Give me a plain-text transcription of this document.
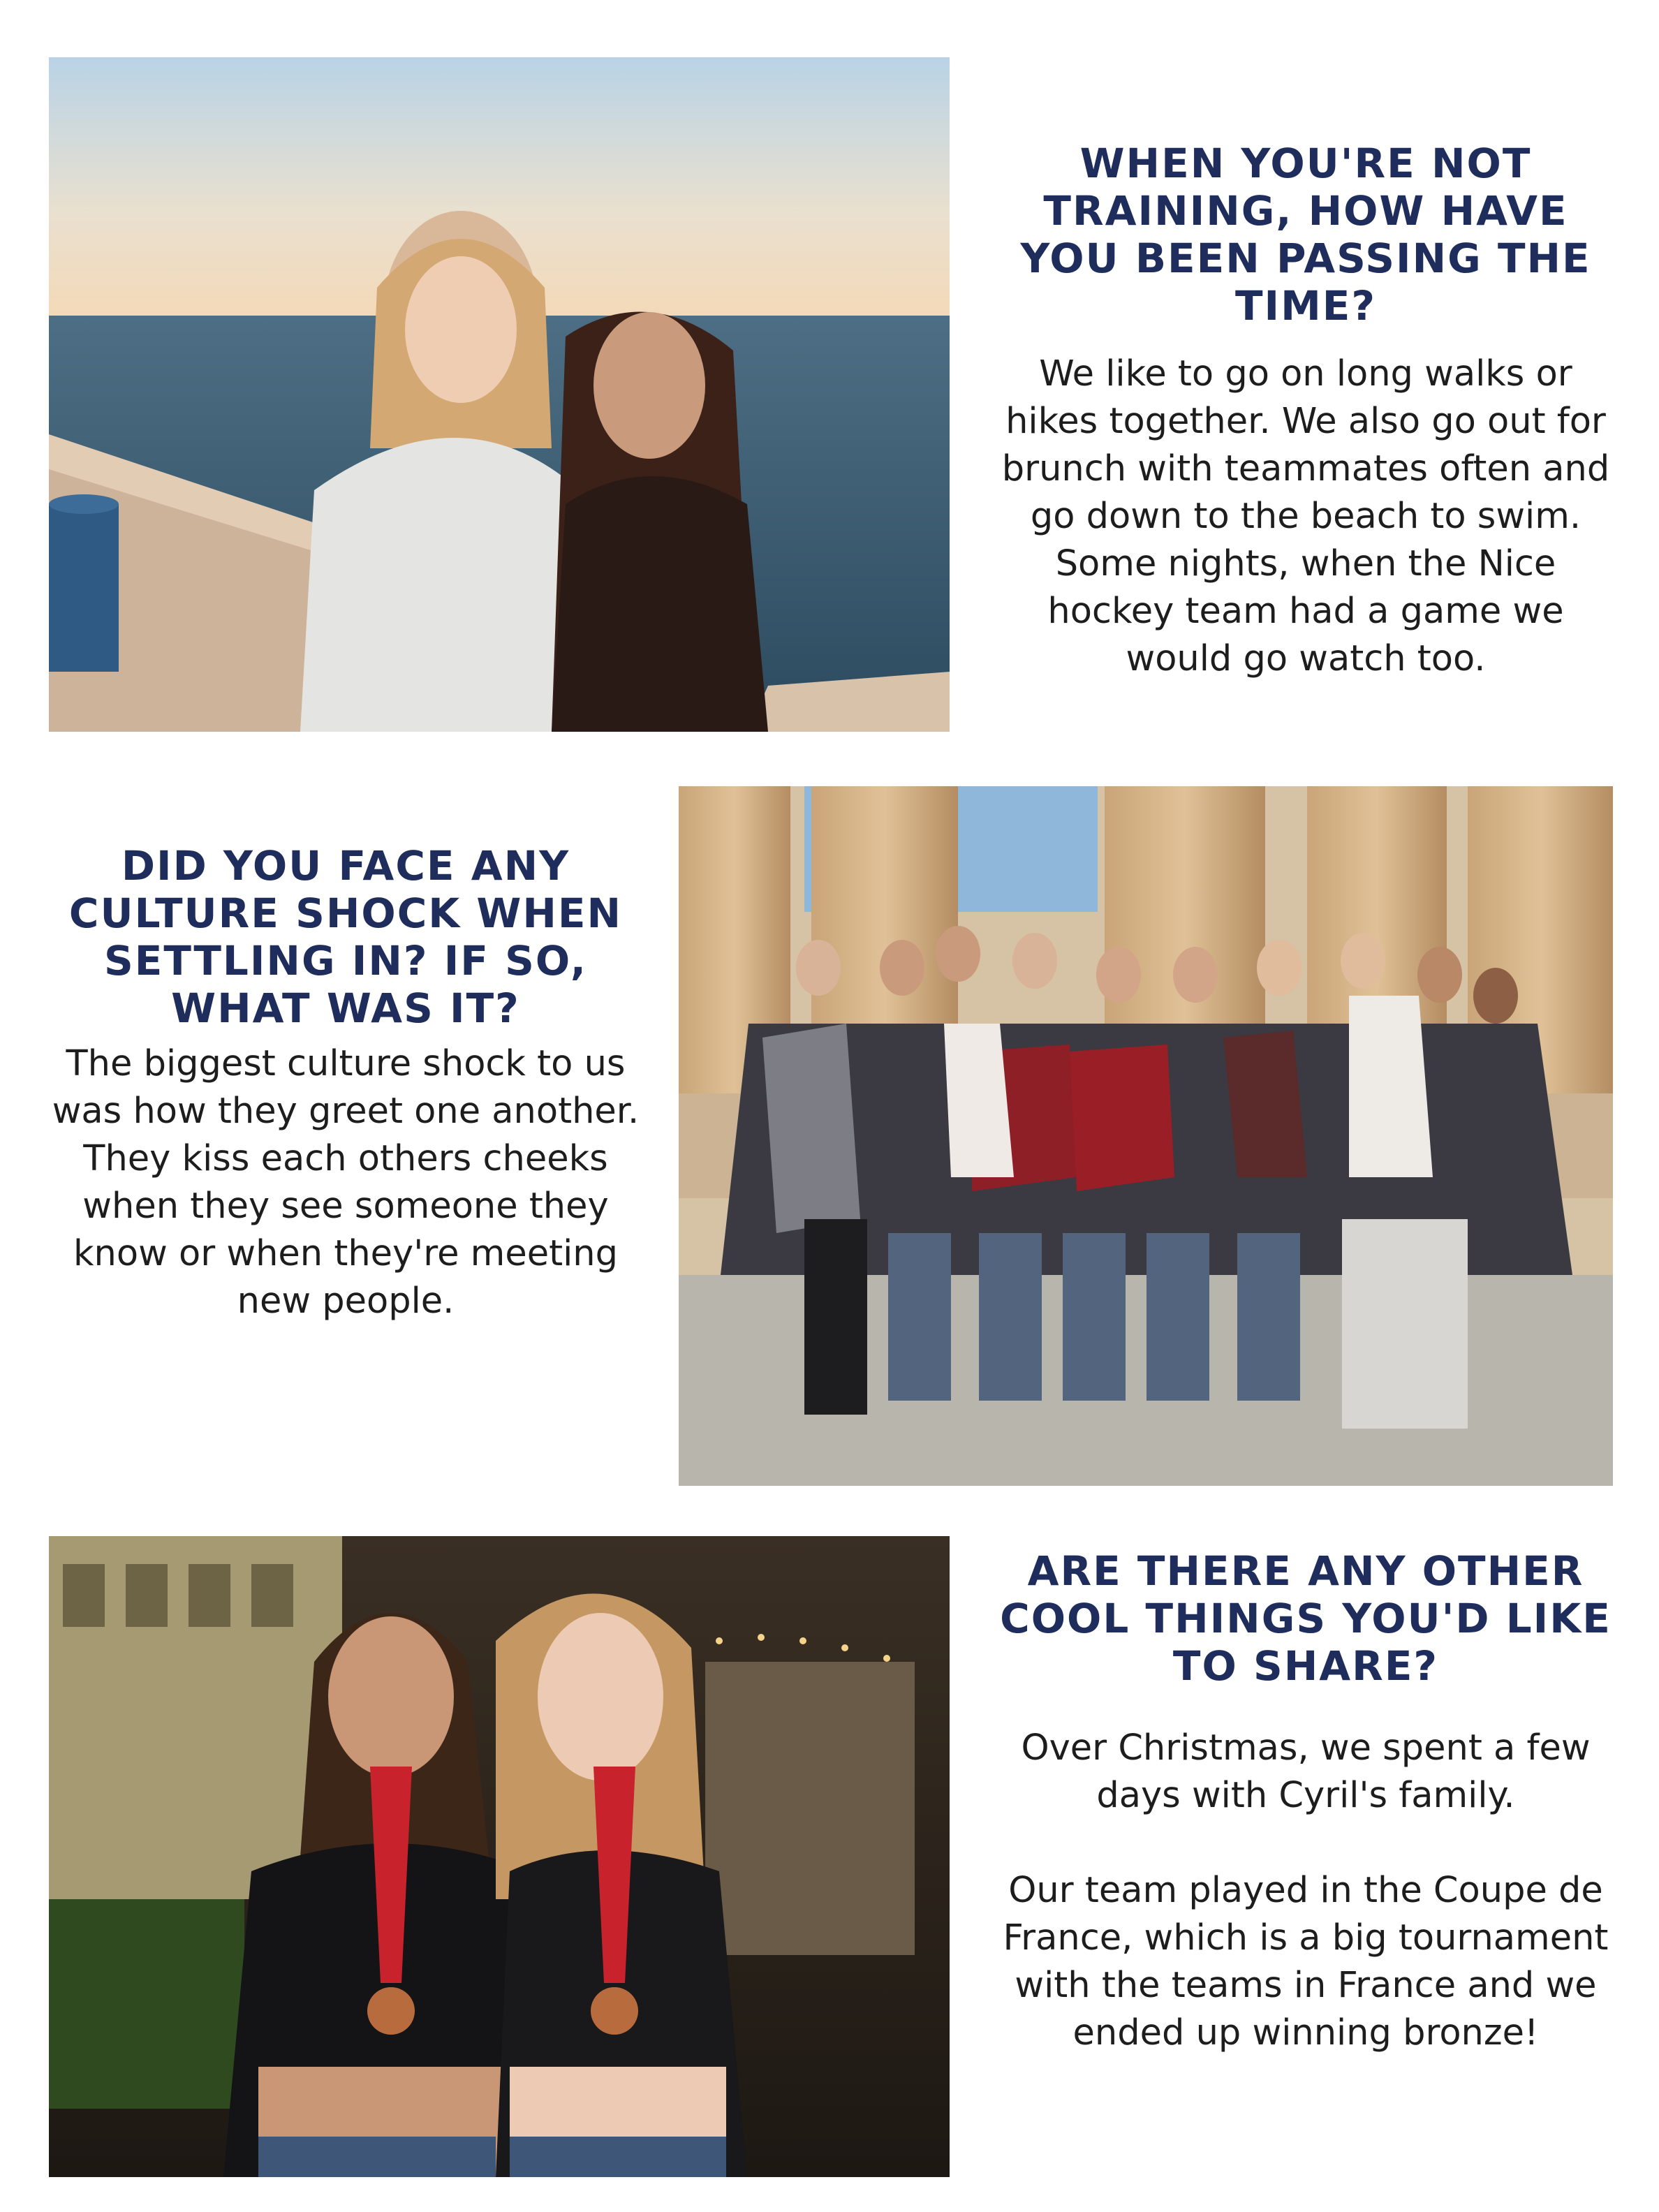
WHEN YOU'RE NOT TRAINING, HOW HAVE YOU BEEN PASSING THE TIME?

We like to go on long walks or hikes together. We also go out for brunch with teammates often and go down to the beach to swim. Some nights, when the Nice hockey team had a game we would go watch too.

DID YOU FACE ANY CULTURE SHOCK WHEN SETTLING IN? IF SO, WHAT WAS IT?

The biggest culture shock to us was how they greet one another. They kiss each others cheeks when they see someone they know or when they're meeting new people.

ARE THERE ANY OTHER COOL THINGS YOU'D LIKE TO SHARE?

Over Christmas, we spent a few days with Cyril's family.

Our team played in the Coupe de France, which is a big tournament with the teams in France and we ended up winning bronze!
